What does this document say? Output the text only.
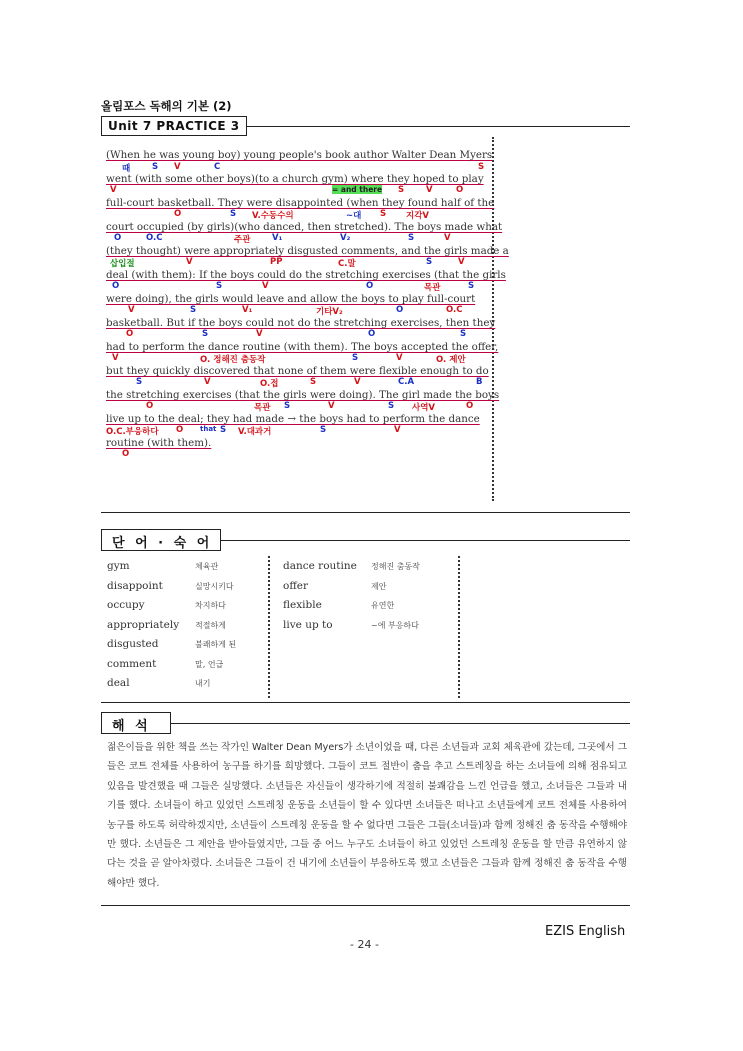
올림포스 독해의 기본 (2)
Unit 7 PRACTICE 3
(When he was young boy) young people's book author Walter Dean Myers
때	S V	C	S
went (with some other boys)(to a church gym) where they hoped to play
V	= and there S	V	O
full-court basketball. They were disappointed (when they found half of the
O	S V.수동수의	~대 S 지각V
court occupied (by girls)(who danced, then stretched). The boys made what
O	O.C	주관	V₁	V₂	S	V
(they thought) were appropriately disgusted comments, and the girls made a
삽입절	V	PP	C.말	S	V
deal (with them): If the boys could do the stretching exercises (that the girls
O	S	V	O	목관	S
were doing), the girls would leave and allow the boys to play full-court
V	S	V₁	기타V₂	O	O.C
basketball. But if the boys could not do the stretching exercises, then they
O	S	V	O	S
had to perform the dance routine (with them). The boys accepted the offer,
V	O. 정해진 춤동작	S	V	O. 제안
but they quickly discovered that none of them were flexible enough to do
S	V	O.접	S	V	C.A	B
the stretching exercises (that the girls were doing). The girl made the boys
O	목관 S	V	S 사역V	O
live up to the deal; they had made → the boys had to perform the dance
O.C.부응하다 O that S V.대과거	S	V
routine (with them).
O
단 어 · 숙 어
gym	체육관
disappoint	실망시키다
occupy	차지하다
appropriately 적절하게
disgusted	불쾌하게 된
comment	말, 언급
deal	내기
dance routine 정해진 춤동작
offer	제안
flexible	유연한
live up to	~에 부응하다
해 석
젊은이들을 위한 책을 쓰는 작가인 Walter Dean Myers가 소년이었을 때, 다른 소년들과 교회 체육관에 갔는데, 그곳에서 그들은 코트 전체를 사용하여 농구를 하기를 희망했다. 그들이 코트 절반이 춤을 추고 스트레칭을 하는 소녀들에 의해 점유되고 있음을 발견했을 때 그들은 실망했다. 소년들은 자신들이 생각하기에 적절히 불쾌감을 느낀 언급을 했고, 소녀들은 그들과 내기를 했다. 소녀들이 하고 있었던 스트레칭 운동을 소년들이 할 수 있다면 소녀들은 떠나고 소년들에게 코트 전체를 사용하여 농구를 하도록 허락하겠지만, 소년들이 스트레칭 운동을 할 수 없다면 그들은 그들(소녀들)과 함께 정해진 춤 동작을 수행해야만 했다. 소년들은 그 제안을 받아들였지만, 그들 중 어느 누구도 소녀들이 하고 있었던 스트레칭 운동을 할 만큼 유연하지 않다는 것을 곧 알아차렸다. 소녀들은 그들이 건 내기에 소년들이 부응하도록 했고 소년들은 그들과 함께 정해진 춤 동작을 수행해야만 했다.
EZIS English
- 24 -
